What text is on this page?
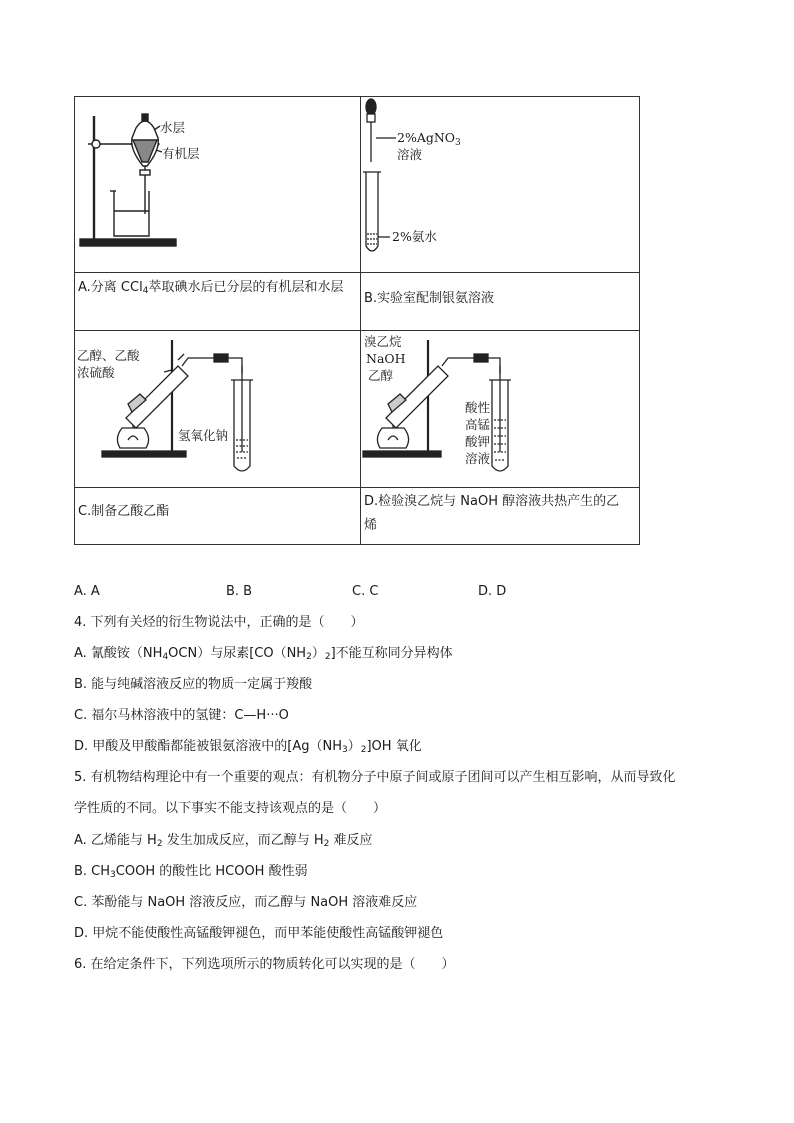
A.分离 CCl$_4$萃取碘水后已分层的有机层和水层
B.实验室配制银氨溶液
C.制备乙酸乙酯
D.检验溴乙烷与 NaOH 醇溶液共热产生的乙
烯
水层
有机层
2%AgNO$_3$
溶液
2%氨水
乙醇、乙酸
浓硫酸
氢氧化钠
溴乙烷
NaOH
乙醇
酸性
高锰
酸钾
溶液
A. A	B. B	C. C	D. D
4. 下列有关烃的衍生物说法中，正确的是（　　）
A. 氰酸铵$(NH_4OCN)$与尿素$[CO(NH_2)_2]$不能互称同分异构体
B. 能与纯碱溶液反应的物质一定属于羧酸
C. 福尔马林溶液中的氢键：C—H···O
D. 甲酸及甲酸酯都能被银氨溶液中的$[Ag(NH_3)_2]OH$ 氧化
5. 有机物结构理论中有一个重要的观点：有机物分子中原子间或原子团间可以产生相互影响，从而导致化
学性质的不同。以下事实不能支持该观点的是（　　）
A. 乙烯能与 $H_2$ 发生加成反应，而乙醇与 $H_2$ 难反应
B. $CH_3COOH$ 的酸性比 HCOOH 酸性弱
C. 苯酚能与 NaOH 溶液反应，而乙醇与 NaOH 溶液难反应
D. 甲烷不能使酸性高锰酸钾褪色，而甲苯能使酸性高锰酸钾褪色
6. 在给定条件下，下列选项所示的物质转化可以实现的是（　　）
